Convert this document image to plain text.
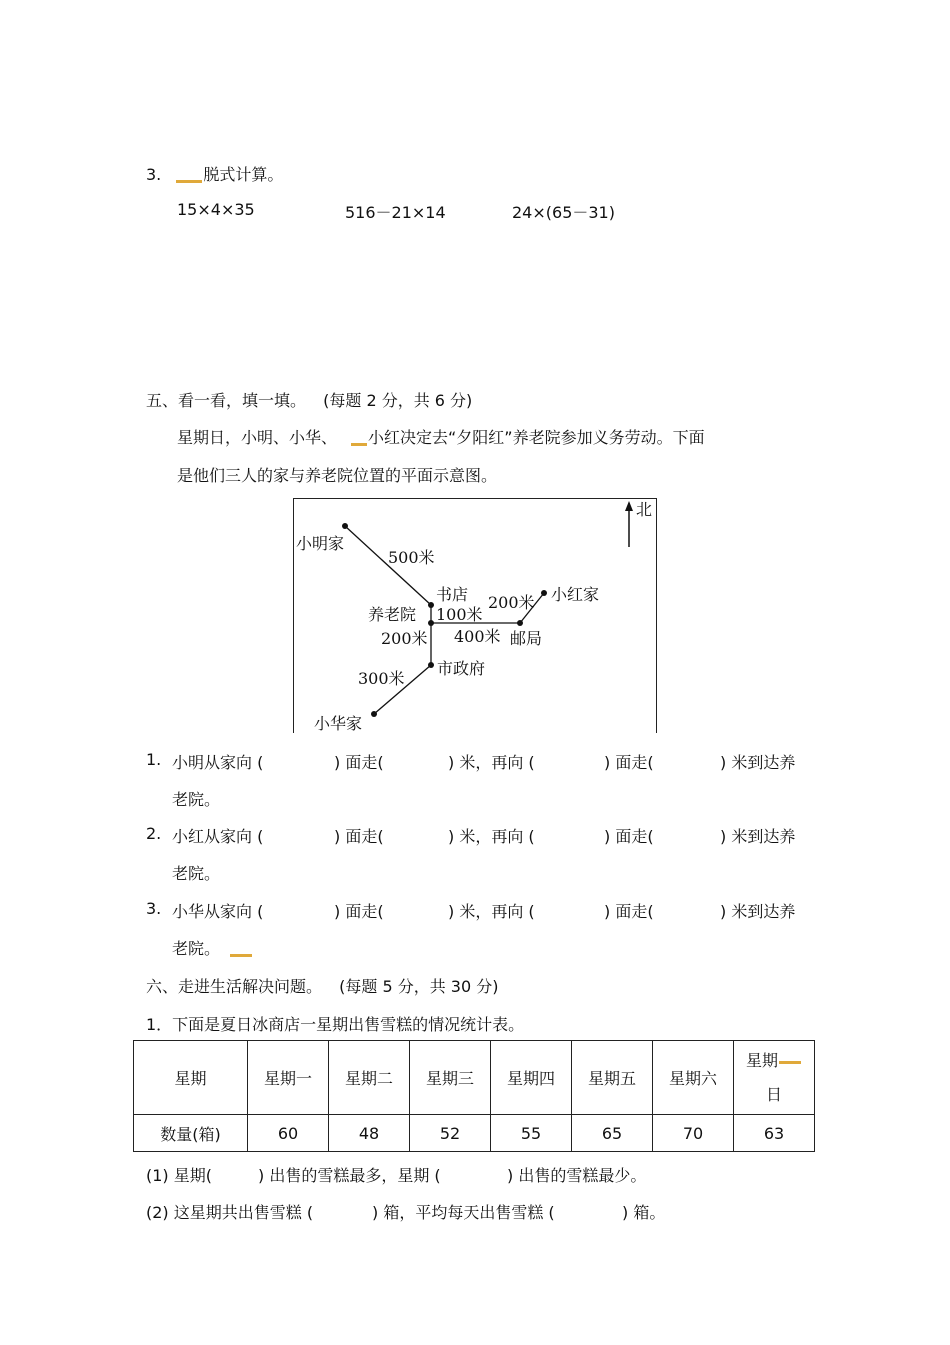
3.	脱式计算。
15×4×35	516－21×14	24×(65－31)
五、看一看，填一填。 (每题 2 分，共 6 分)
星期日，小明、小华、 小红决定去“夕阳红”养老院参加义务劳动。下面
是他们三人的家与养老院位置的平面示意图。
北
小明家
书店
养老院
小红家
邮局
市政府
小华家
500米
200米
100米
400米
200米
300米
1. 小明从家向 (	) 面走(	) 米，再向 (	) 面走(	) 米到达养
老院。
2. 小红从家向 (	) 面走(	) 米，再向 (	) 面走(	) 米到达养
老院。
3. 小华从家向 (	) 面走(	) 米，再向 (	) 面走(	) 米到达养
老院。
六、走进生活解决问题。 (每题 5 分，共 30 分)
1．下面是夏日冰商店一星期出售雪糕的情况统计表。
星期	星期一	星期二	星期三	星期四	星期五	星期六	星期
日

数量(箱)	60	48	52	55	65	70	63
(1) 星期(	) 出售的雪糕最多，星期 (	) 出售的雪糕最少。
(2) 这星期共出售雪糕 (	) 箱，平均每天出售雪糕 (	) 箱。
